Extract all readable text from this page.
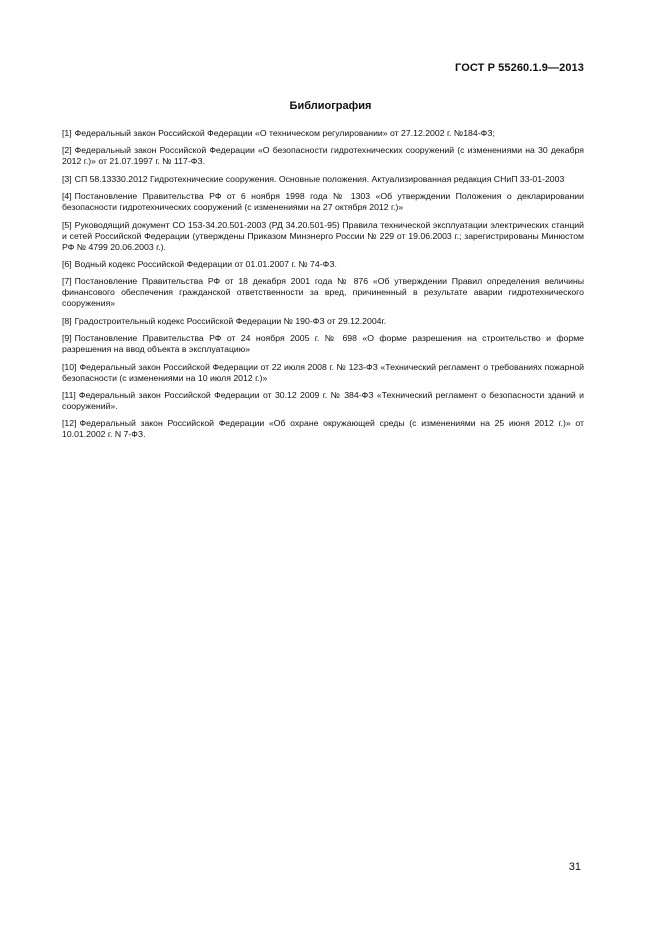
ГОСТ Р 55260.1.9—2013
Библиография
[1] Федеральный закон Российской Федерации «О техническом регулировании» от 27.12.2002 г. №184-ФЗ;
[2] Федеральный закон Российской Федерации «О безопасности гидротехнических сооружений (с изменениями на 30 декабря 2012 г.)» от 21.07.1997 г. № 117-ФЗ.
[3] СП 58.13330.2012 Гидротехнические сооружения. Основные положения. Актуализированная редакция СНиП 33-01-2003
[4] Постановление Правительства РФ от 6 ноября 1998 года № 1303 «Об утверждении Положения о декларировании безопасности гидротехнических сооружений (с изменениями на 27 октября 2012 г.)»
[5] Руководящий документ СО 153-34.20.501-2003 (РД 34.20.501-95) Правила технической эксплуатации электрических станций и сетей Российской Федерации (утверждены Приказом Минэнерго России № 229 от 19.06.2003 г.; зарегистрированы Минюстом РФ № 4799 20.06.2003 г.).
[6] Водный кодекс Российской Федерации от 01.01.2007 г. № 74-ФЗ.
[7] Постановление Правительства РФ от 18 декабря 2001 года № 876 «Об утверждении Правил определения величины финансового обеспечения гражданской ответственности за вред, причиненный в результате аварии гидротехнического сооружения»
[8] Градостроительный кодекс Российской Федерации № 190-ФЗ от 29.12.2004г.
[9] Постановление Правительства РФ от 24 ноября 2005 г. № 698 «О форме разрешения на строительство и форме разрешения на ввод объекта в эксплуатацию»
[10] Федеральный закон Российской Федерации от 22 июля 2008 г. № 123-ФЗ «Технический регламент о требованиях пожарной безопасности (с изменениями на 10 июля 2012 г.)»
[11] Федеральный закон Российской Федерации от 30.12 2009 г. № 384-ФЗ «Технический регламент о безопасности зданий и сооружений».
[12] Федеральный закон Российской Федерации «Об охране окружающей среды (с изменениями на 25 июня 2012 г.)» от 10.01.2002 г. N 7-ФЗ.
31
